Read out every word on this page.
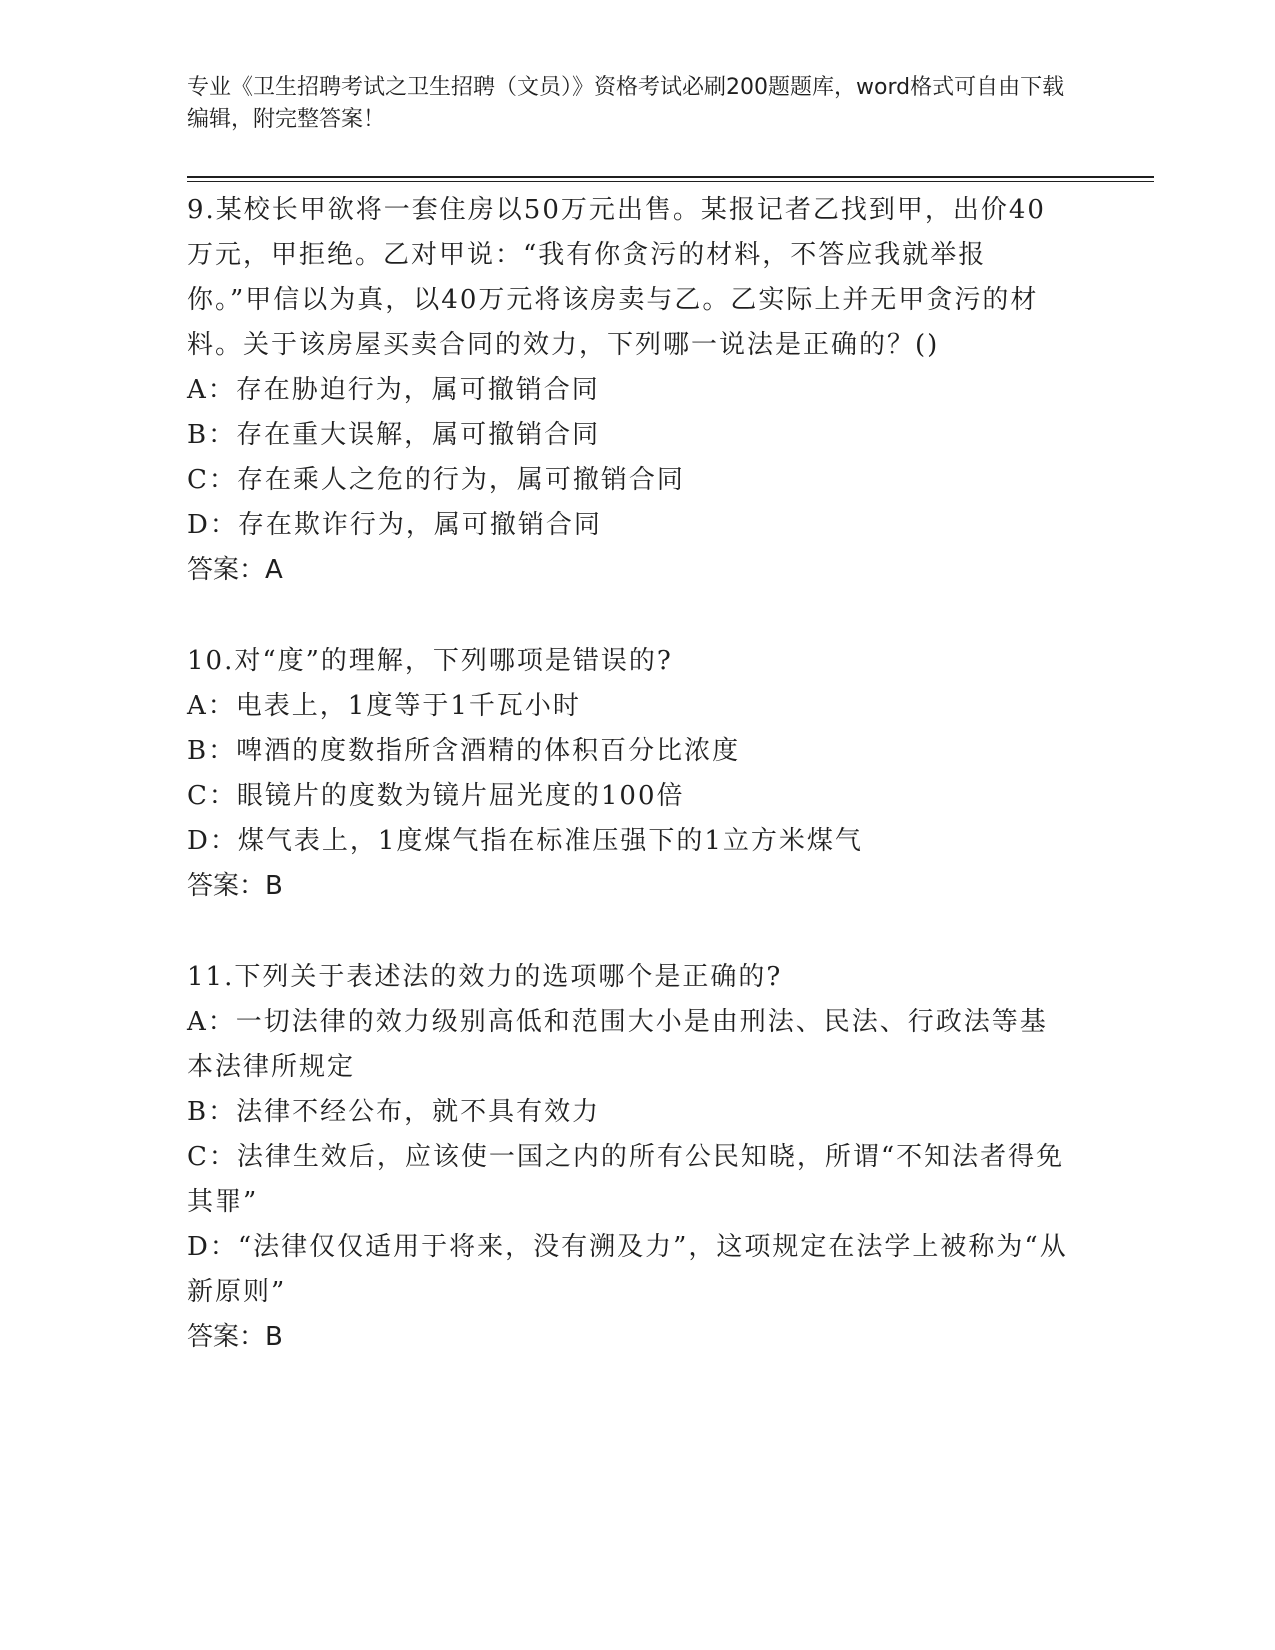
专业《卫生招聘考试之卫生招聘（文员）》资格考试必刷200题题库，word格式可自由下载编辑，附完整答案！

9.某校长甲欲将一套住房以50万元出售。某报记者乙找到甲，出价40万元，甲拒绝。乙对甲说：“我有你贪污的材料，不答应我就举报你。”甲信以为真，以40万元将该房卖与乙。乙实际上并无甲贪污的材料。关于该房屋买卖合同的效力，下列哪一说法是正确的？()

A：存在胁迫行为，属可撤销合同

B：存在重大误解，属可撤销合同

C：存在乘人之危的行为，属可撤销合同

D：存在欺诈行为，属可撤销合同

答案：A

10.对“度”的理解，下列哪项是错误的?

A：电表上，1度等于1千瓦小时

B：啤酒的度数指所含酒精的体积百分比浓度

C：眼镜片的度数为镜片屈光度的100倍

D：煤气表上，1度煤气指在标准压强下的1立方米煤气

答案：B

11.下列关于表述法的效力的选项哪个是正确的?

A：一切法律的效力级别高低和范围大小是由刑法、民法、行政法等基本法律所规定

B：法律不经公布，就不具有效力

C：法律生效后，应该使一国之内的所有公民知晓，所谓“不知法者得免其罪”

D：“法律仅仅适用于将来，没有溯及力”，这项规定在法学上被称为“从新原则”

答案：B
